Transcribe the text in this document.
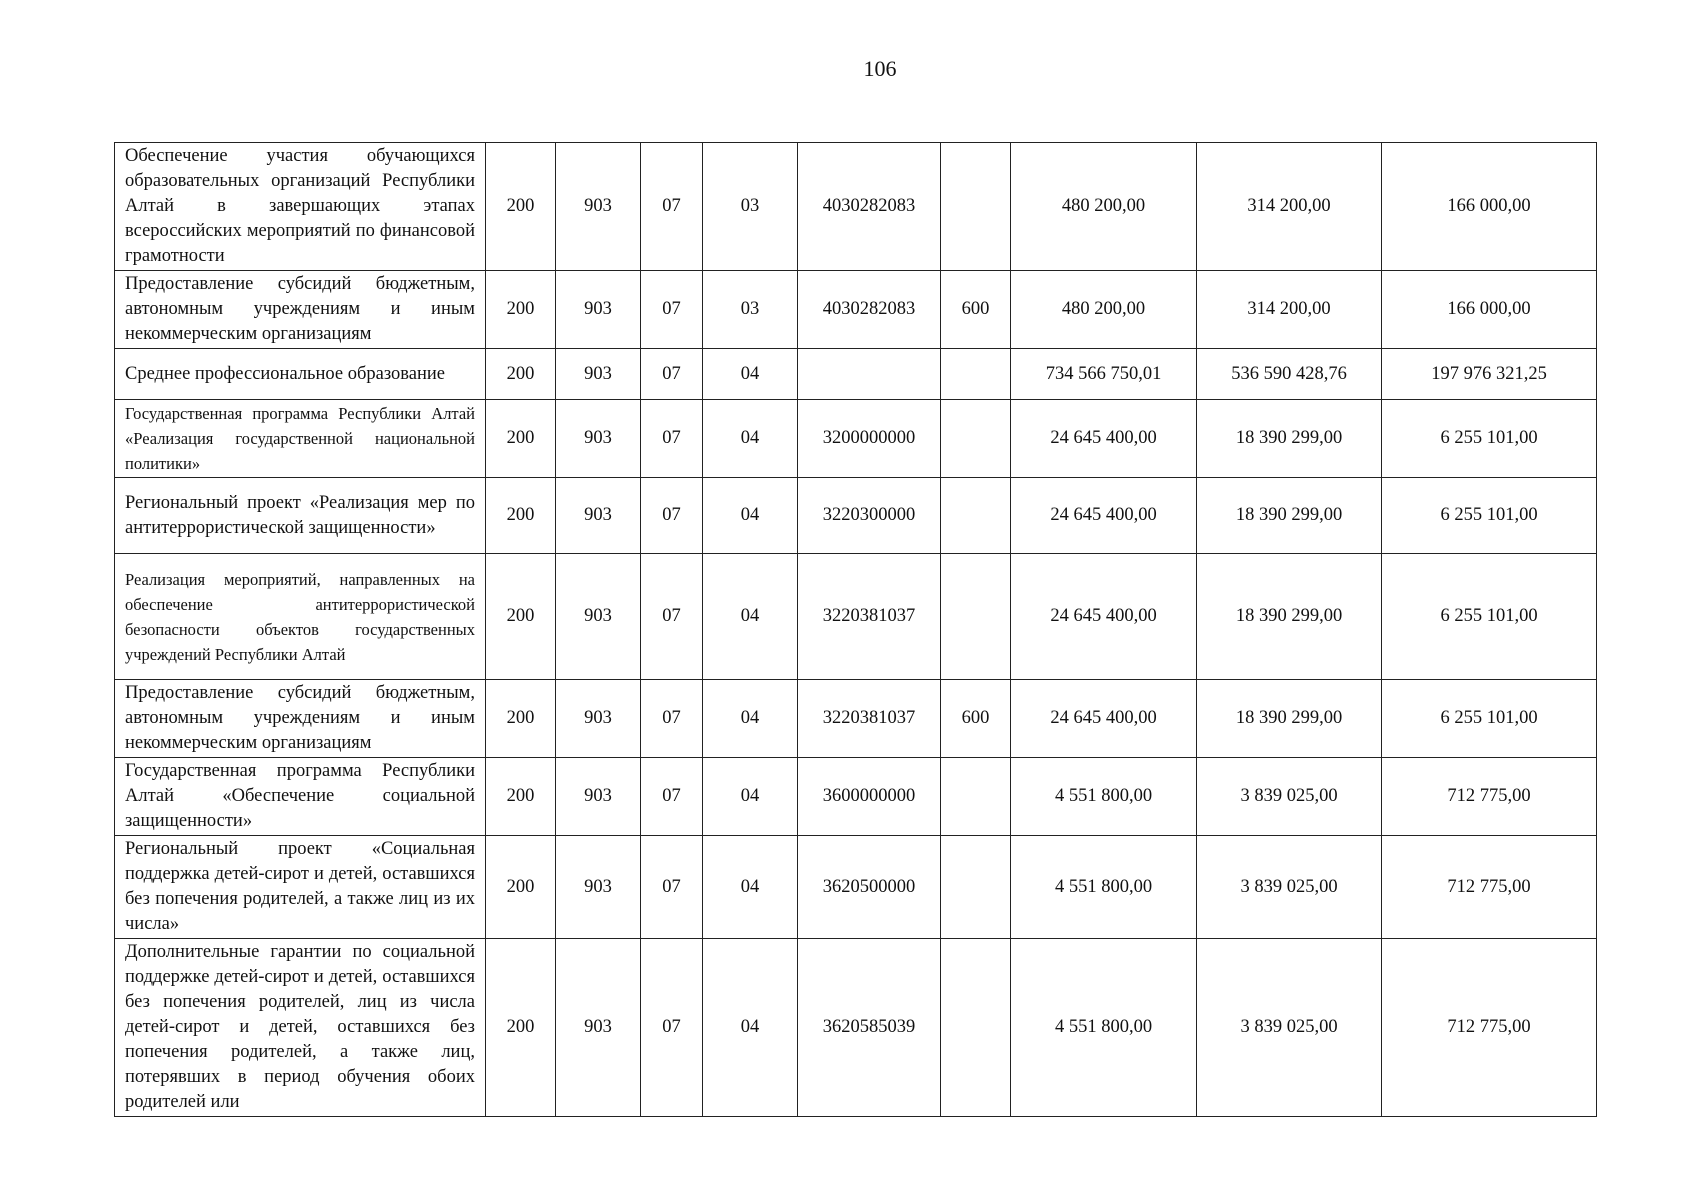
106
Обеспечение участия обучающихся образовательных организаций Республики Алтай в завершающих этапах всероссийских мероприятий по финансовой грамотности	200	903	07	03	4030282083		480 200,00	314 200,00	166 000,00
Предоставление субсидий бюджетным, автономным учреждениям и иным некоммерческим организациям	200	903	07	03	4030282083	600	480 200,00	314 200,00	166 000,00
Среднее профессиональное образование	200	903	07	04			734 566 750,01	536 590 428,76	197 976 321,25
Государственная программа Республики Алтай «Реализация государственной национальной политики»	200	903	07	04	3200000000		24 645 400,00	18 390 299,00	6 255 101,00
Региональный проект «Реализация мер по антитеррористической защищенности»	200	903	07	04	3220300000		24 645 400,00	18 390 299,00	6 255 101,00
Реализация мероприятий, направленных на обеспечение антитеррористической безопасности объектов государственных учреждений Республики Алтай	200	903	07	04	3220381037		24 645 400,00	18 390 299,00	6 255 101,00
Предоставление субсидий бюджетным, автономным учреждениям и иным некоммерческим организациям	200	903	07	04	3220381037	600	24 645 400,00	18 390 299,00	6 255 101,00
Государственная программа Республики Алтай «Обеспечение социальной защищенности»	200	903	07	04	3600000000		4 551 800,00	3 839 025,00	712 775,00
Региональный проект «Социальная поддержка детей-сирот и детей, оставшихся без попечения родителей, а также лиц из их числа»	200	903	07	04	3620500000		4 551 800,00	3 839 025,00	712 775,00
Дополнительные гарантии по социальной поддержке детей-сирот и детей, оставшихся без попечения родителей, лиц из числа детей-сирот и детей, оставшихся без попечения родителей, а также лиц, потерявших в период обучения обоих родителей или	200	903	07	04	3620585039		4 551 800,00	3 839 025,00	712 775,00
